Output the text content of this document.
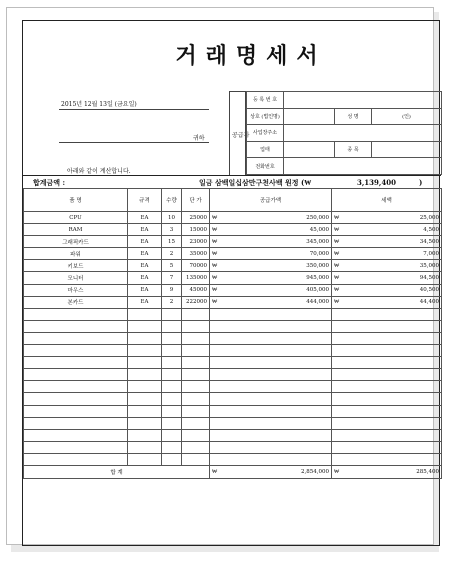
거래명세서
2015년 12월 13일 (금요일)
귀하
아래와 같이 계산합니다.
공급자
등 록 번 호			
상호 (법인명)		성 명	(인)
사업장주소			
업태		종 목	
전화번호			
합계금액 :	일금 삼백일십삼만구천사백 원정 (₩	3,139,400	)
품 명	규격	수량	단 가	공급가액	세액
CPU	EA	10	25000	₩ 250,000	₩ 25,000
RAM	EA	3	15000	₩ 45,000	₩ 4,500
그래픽카드	EA	15	23000	₩ 345,000	₩ 34,500
파워	EA	2	35000	₩ 70,000	₩ 7,000
키보드	EA	5	70000	₩ 350,000	₩ 35,000
모니터	EA	7	135000	₩ 945,000	₩ 94,500
마우스	EA	9	45000	₩ 405,000	₩ 40,500
본카드	EA	2	222000	₩ 444,000	₩ 44,400

합 계				₩ 2,854,000	₩ 285,400
